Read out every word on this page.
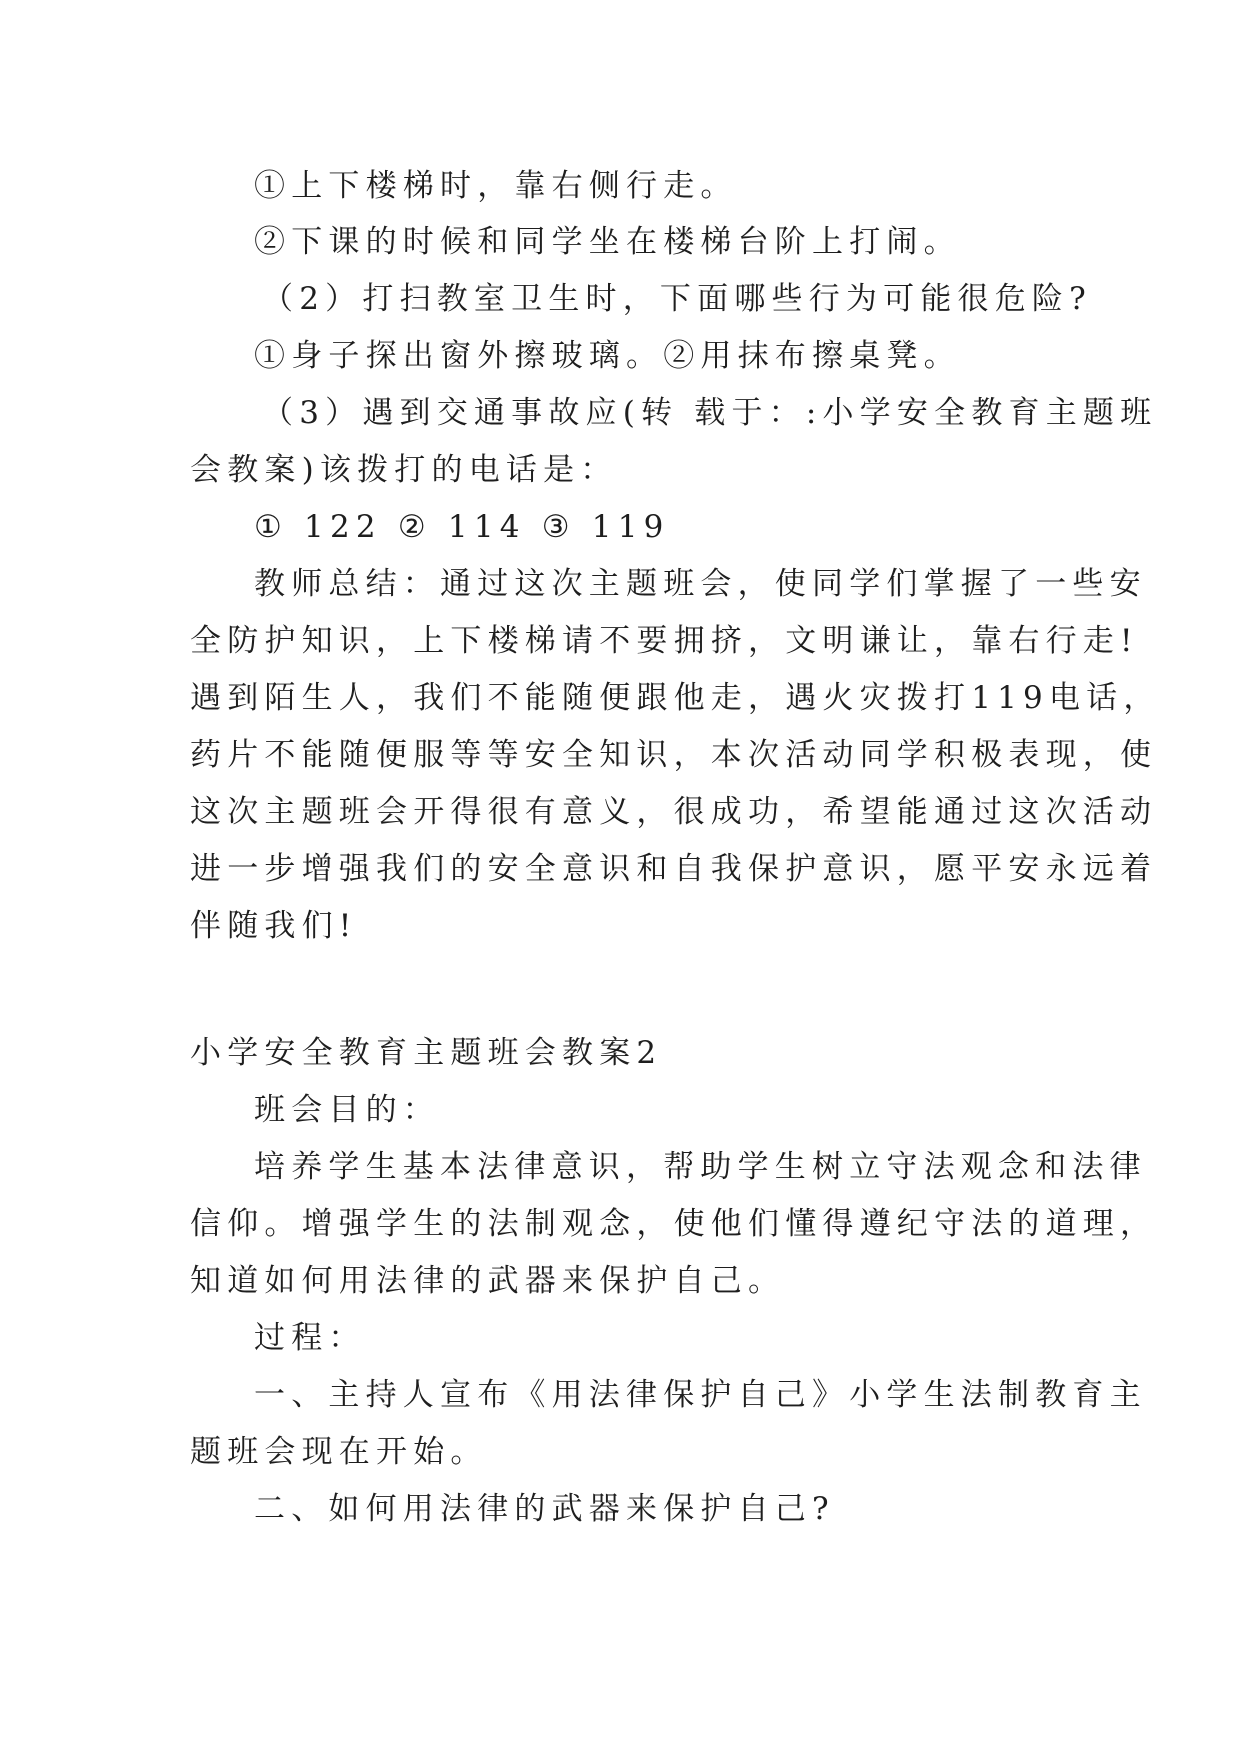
①上下楼梯时，靠右侧行走。
②下课的时候和同学坐在楼梯台阶上打闹。
（2）打扫教室卫生时，下面哪些行为可能很危险?
①身子探出窗外擦玻璃。②用抹布擦桌凳。
（3）遇到交通事故应(转 载于：:小学安全教育主题班
会教案)该拨打的电话是：
① 122 ② 114 ③ 119
教师总结：通过这次主题班会，使同学们掌握了一些安
全防护知识，上下楼梯请不要拥挤，文明谦让，靠右行走!
遇到陌生人，我们不能随便跟他走，遇火灾拨打119电话，
药片不能随便服等等安全知识，本次活动同学积极表现，使
这次主题班会开得很有意义，很成功，希望能通过这次活动
进一步增强我们的安全意识和自我保护意识，愿平安永远着
伴随我们!
小学安全教育主题班会教案2
班会目的：
培养学生基本法律意识，帮助学生树立守法观念和法律
信仰。增强学生的法制观念，使他们懂得遵纪守法的道理，
知道如何用法律的武器来保护自己。
过程：
一、主持人宣布《用法律保护自己》小学生法制教育主
题班会现在开始。
二、如何用法律的武器来保护自己?
